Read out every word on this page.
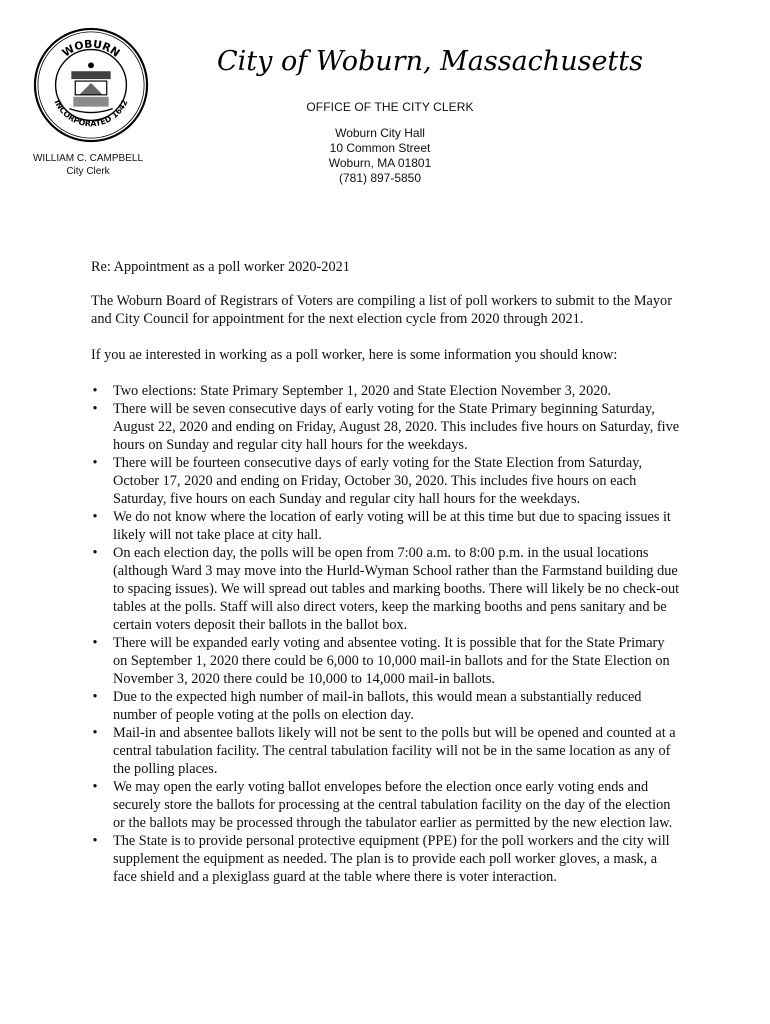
WOBURN
INCORPORATED 1642
City of Woburn, Massachusetts
OFFICE OF THE CITY CLERK
Woburn City Hall
10 Common Street
Woburn, MA 01801
(781) 897-5850
WILLIAM C. CAMPBELL
City Clerk
Re: Appointment as a poll worker 2020-2021
The Woburn Board of Registrars of Voters are compiling a list of poll workers to submit to the Mayor and City Council for appointment for the next election cycle from 2020 through 2021.
If you ae interested in working as a poll worker, here is some information you should know:
• Two elections: State Primary September 1, 2020 and State Election November 3, 2020.
• There will be seven consecutive days of early voting for the State Primary beginning Saturday, August 22, 2020 and ending on Friday, August 28, 2020. This includes five hours on Saturday, five hours on Sunday and regular city hall hours for the weekdays.
• There will be fourteen consecutive days of early voting for the State Election from Saturday, October 17, 2020 and ending on Friday, October 30, 2020. This includes five hours on each Saturday, five hours on each Sunday and regular city hall hours for the weekdays.
• We do not know where the location of early voting will be at this time but due to spacing issues it likely will not take place at city hall.
• On each election day, the polls will be open from 7:00 a.m. to 8:00 p.m. in the usual locations (although Ward 3 may move into the Hurld-Wyman School rather than the Farmstand building due to spacing issues). We will spread out tables and marking booths. There will likely be no check-out tables at the polls. Staff will also direct voters, keep the marking booths and pens sanitary and be certain voters deposit their ballots in the ballot box.
• There will be expanded early voting and absentee voting. It is possible that for the State Primary on September 1, 2020 there could be 6,000 to 10,000 mail-in ballots and for the State Election on November 3, 2020 there could be 10,000 to 14,000 mail-in ballots.
• Due to the expected high number of mail-in ballots, this would mean a substantially reduced number of people voting at the polls on election day.
• Mail-in and absentee ballots likely will not be sent to the polls but will be opened and counted at a central tabulation facility. The central tabulation facility will not be in the same location as any of the polling places.
• We may open the early voting ballot envelopes before the election once early voting ends and securely store the ballots for processing at the central tabulation facility on the day of the election or the ballots may be processed through the tabulator earlier as permitted by the new election law.
• The State is to provide personal protective equipment (PPE) for the poll workers and the city will supplement the equipment as needed. The plan is to provide each poll worker gloves, a mask, a face shield and a plexiglass guard at the table where there is voter interaction.
